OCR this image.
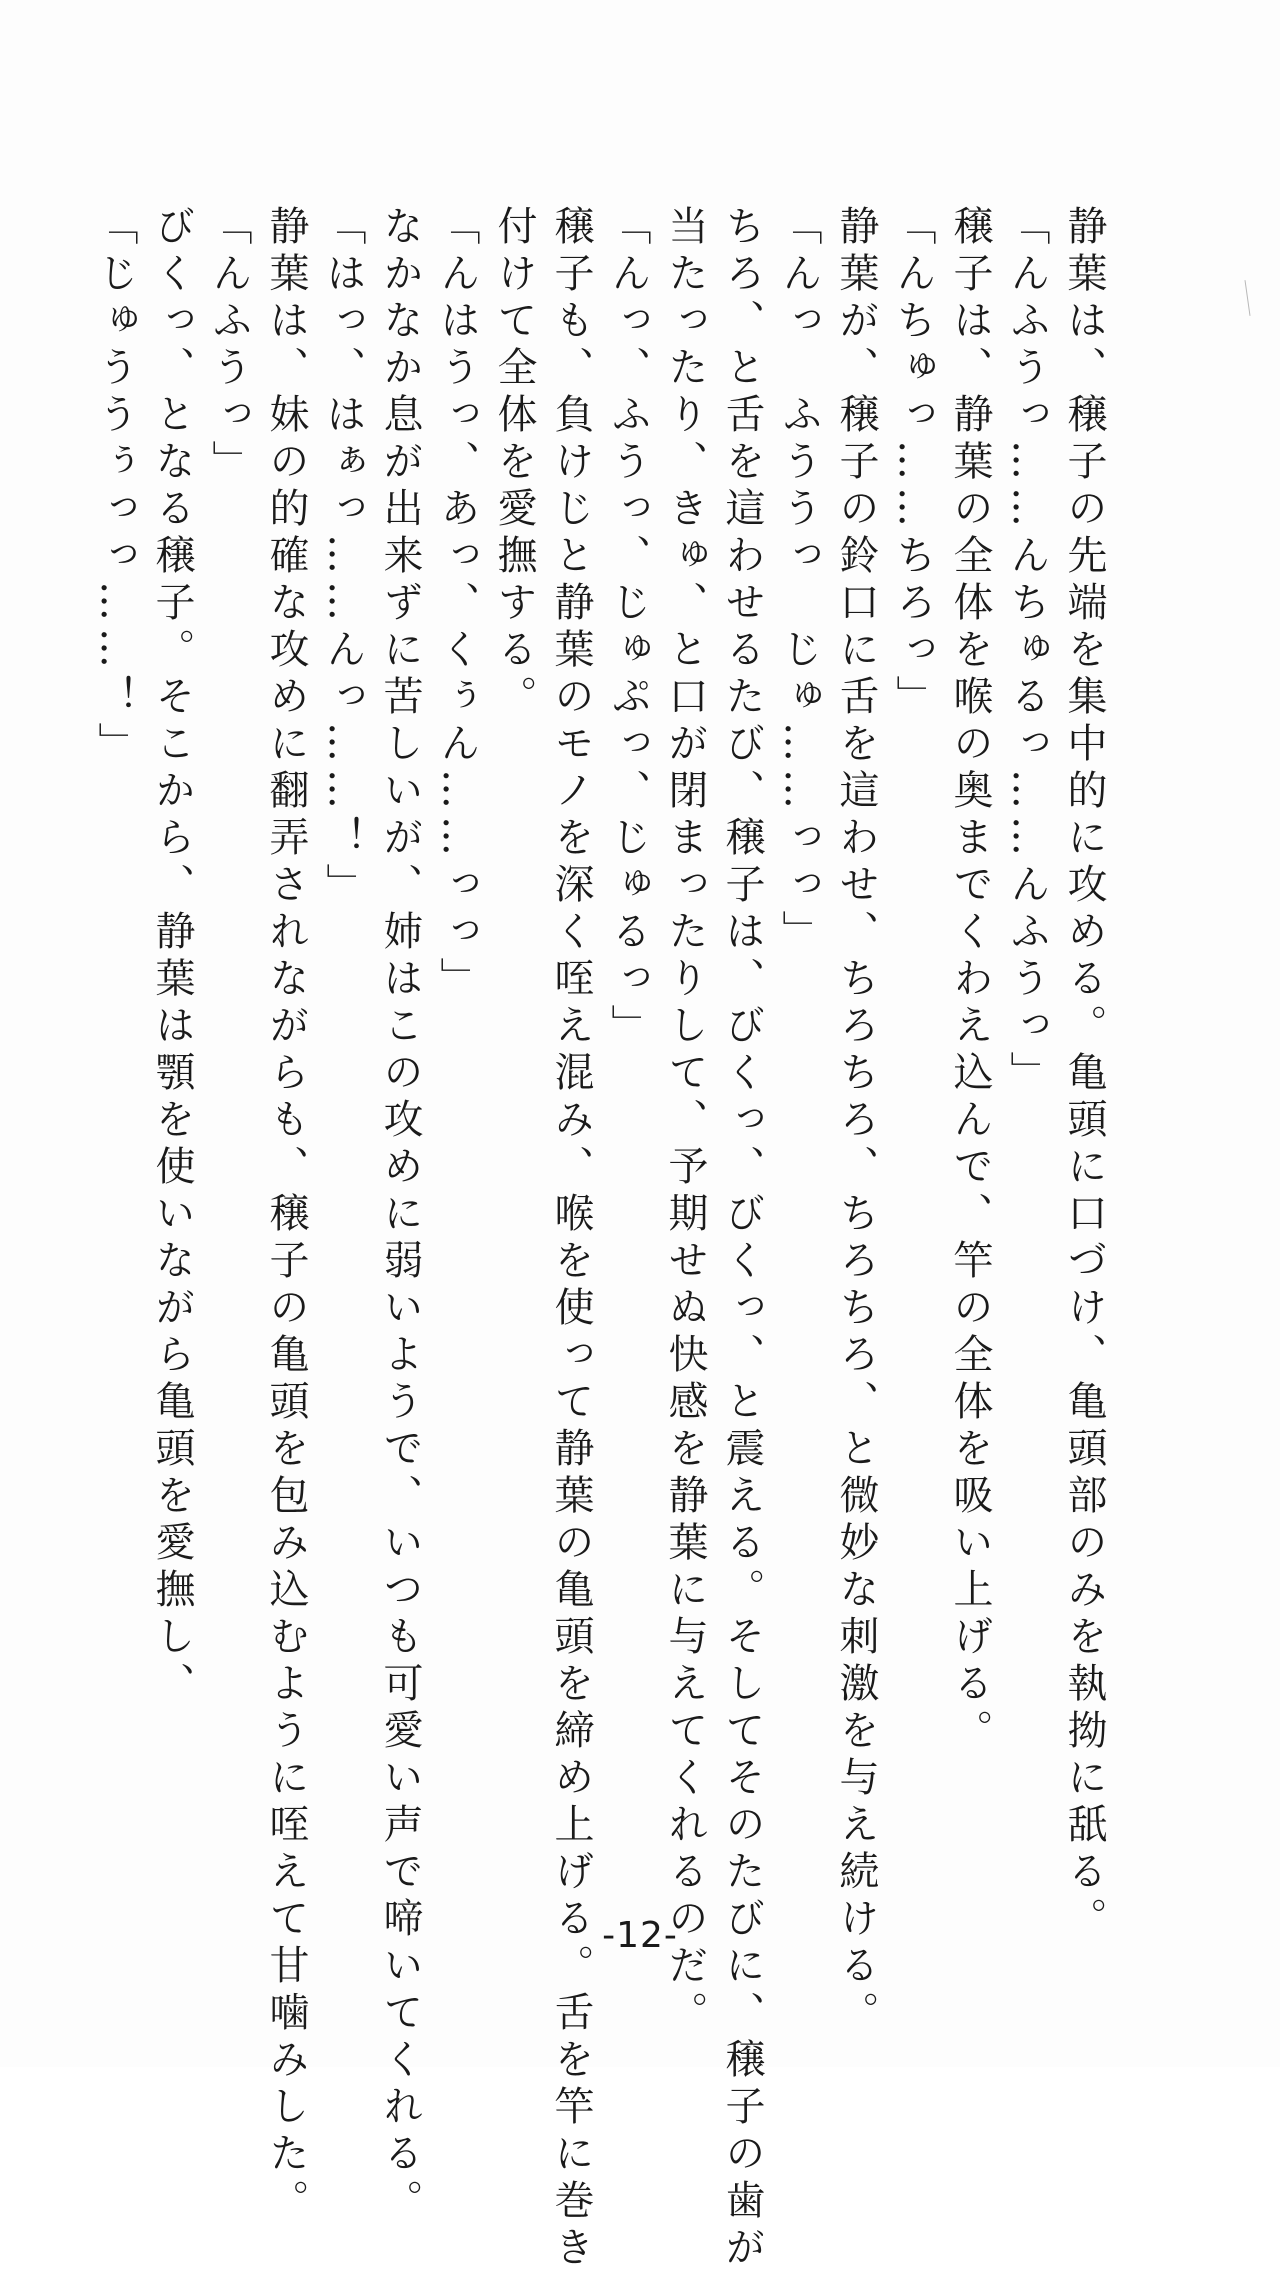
静葉は、穣子の先端を集中的に攻める。亀頭に口づけ、亀頭部のみを執拗に舐る。

「んふうっ……んちゅるっ……んふうっ」

穣子は、静葉の全体を喉の奥までくわえ込んで、竿の全体を吸い上げる。

「んちゅっ……ちろっ」

静葉が、穣子の鈴口に舌を這わせ、ちろちろ、ちろちろ、と微妙な刺激を与え続ける。

「んっ　ふううっ　じゅ……っっ」

ちろ、と舌を這わせるたび、穣子は、びくっ、びくっ、と震える。そしてそのたびに、穣子の歯が

当たったり、きゅ、と口が閉まったりして、予期せぬ快感を静葉に与えてくれるのだ。

「んっ、ふうっ、じゅぷっ、じゅるっ」

穣子も、負けじと静葉のモノを深く咥え混み、喉を使って静葉の亀頭を締め上げる。舌を竿に巻き

付けて全体を愛撫する。

「んはうっ、あっ、くぅん……っっ」

なかなか息が出来ずに苦しいが、姉はこの攻めに弱いようで、いつも可愛い声で啼いてくれる。

「はっ、はぁっ……んっ……！」

静葉は、妹の的確な攻めに翻弄されながらも、穣子の亀頭を包み込むように咥えて甘噛みした。

「んふうっ」

びくっ、となる穣子。そこから、静葉は顎を使いながら亀頭を愛撫し、

「じゅううぅっっ……！」

-12-
